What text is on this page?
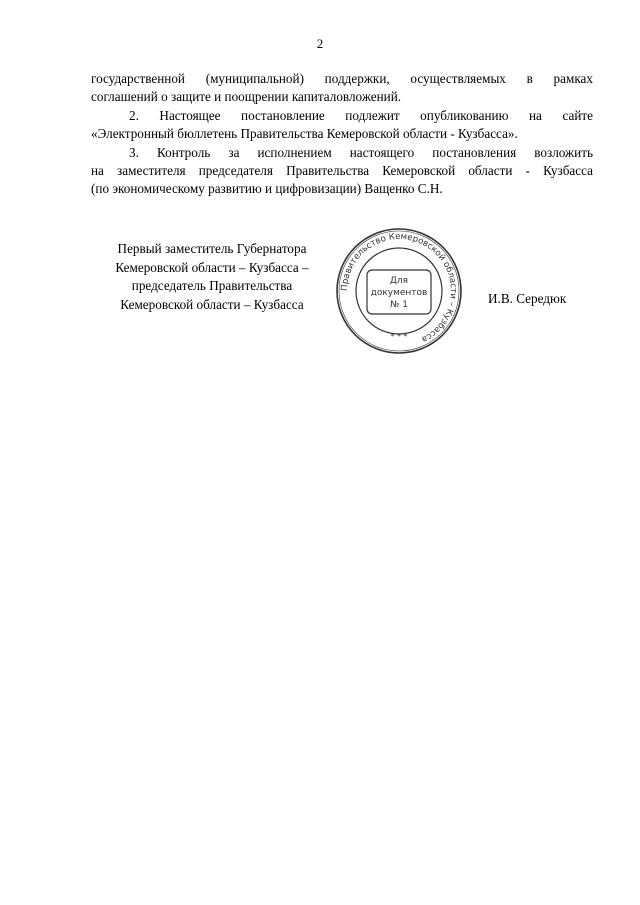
2

государственной (муниципальной) поддержки, осуществляемых в рамках

соглашений о защите и поощрении капиталовложений.

2. Настоящее постановление подлежит опубликованию на сайте

«Электронный бюллетень Правительства Кемеровской области - Кузбасса».

3. Контроль за исполнением настоящего постановления возложить

на заместителя председателя Правительства Кемеровской области - Кузбасса

(по экономическому развитию и цифровизации) Ващенко С.Н.

Первый заместитель Губернатора
Кемеровской области – Кузбасса –
председатель Правительства
Кемеровской области – Кузбасса
Правительство Кемеровской области – Кузбасса
Для
документов
№ 1
* * *
И.В. Середюк
